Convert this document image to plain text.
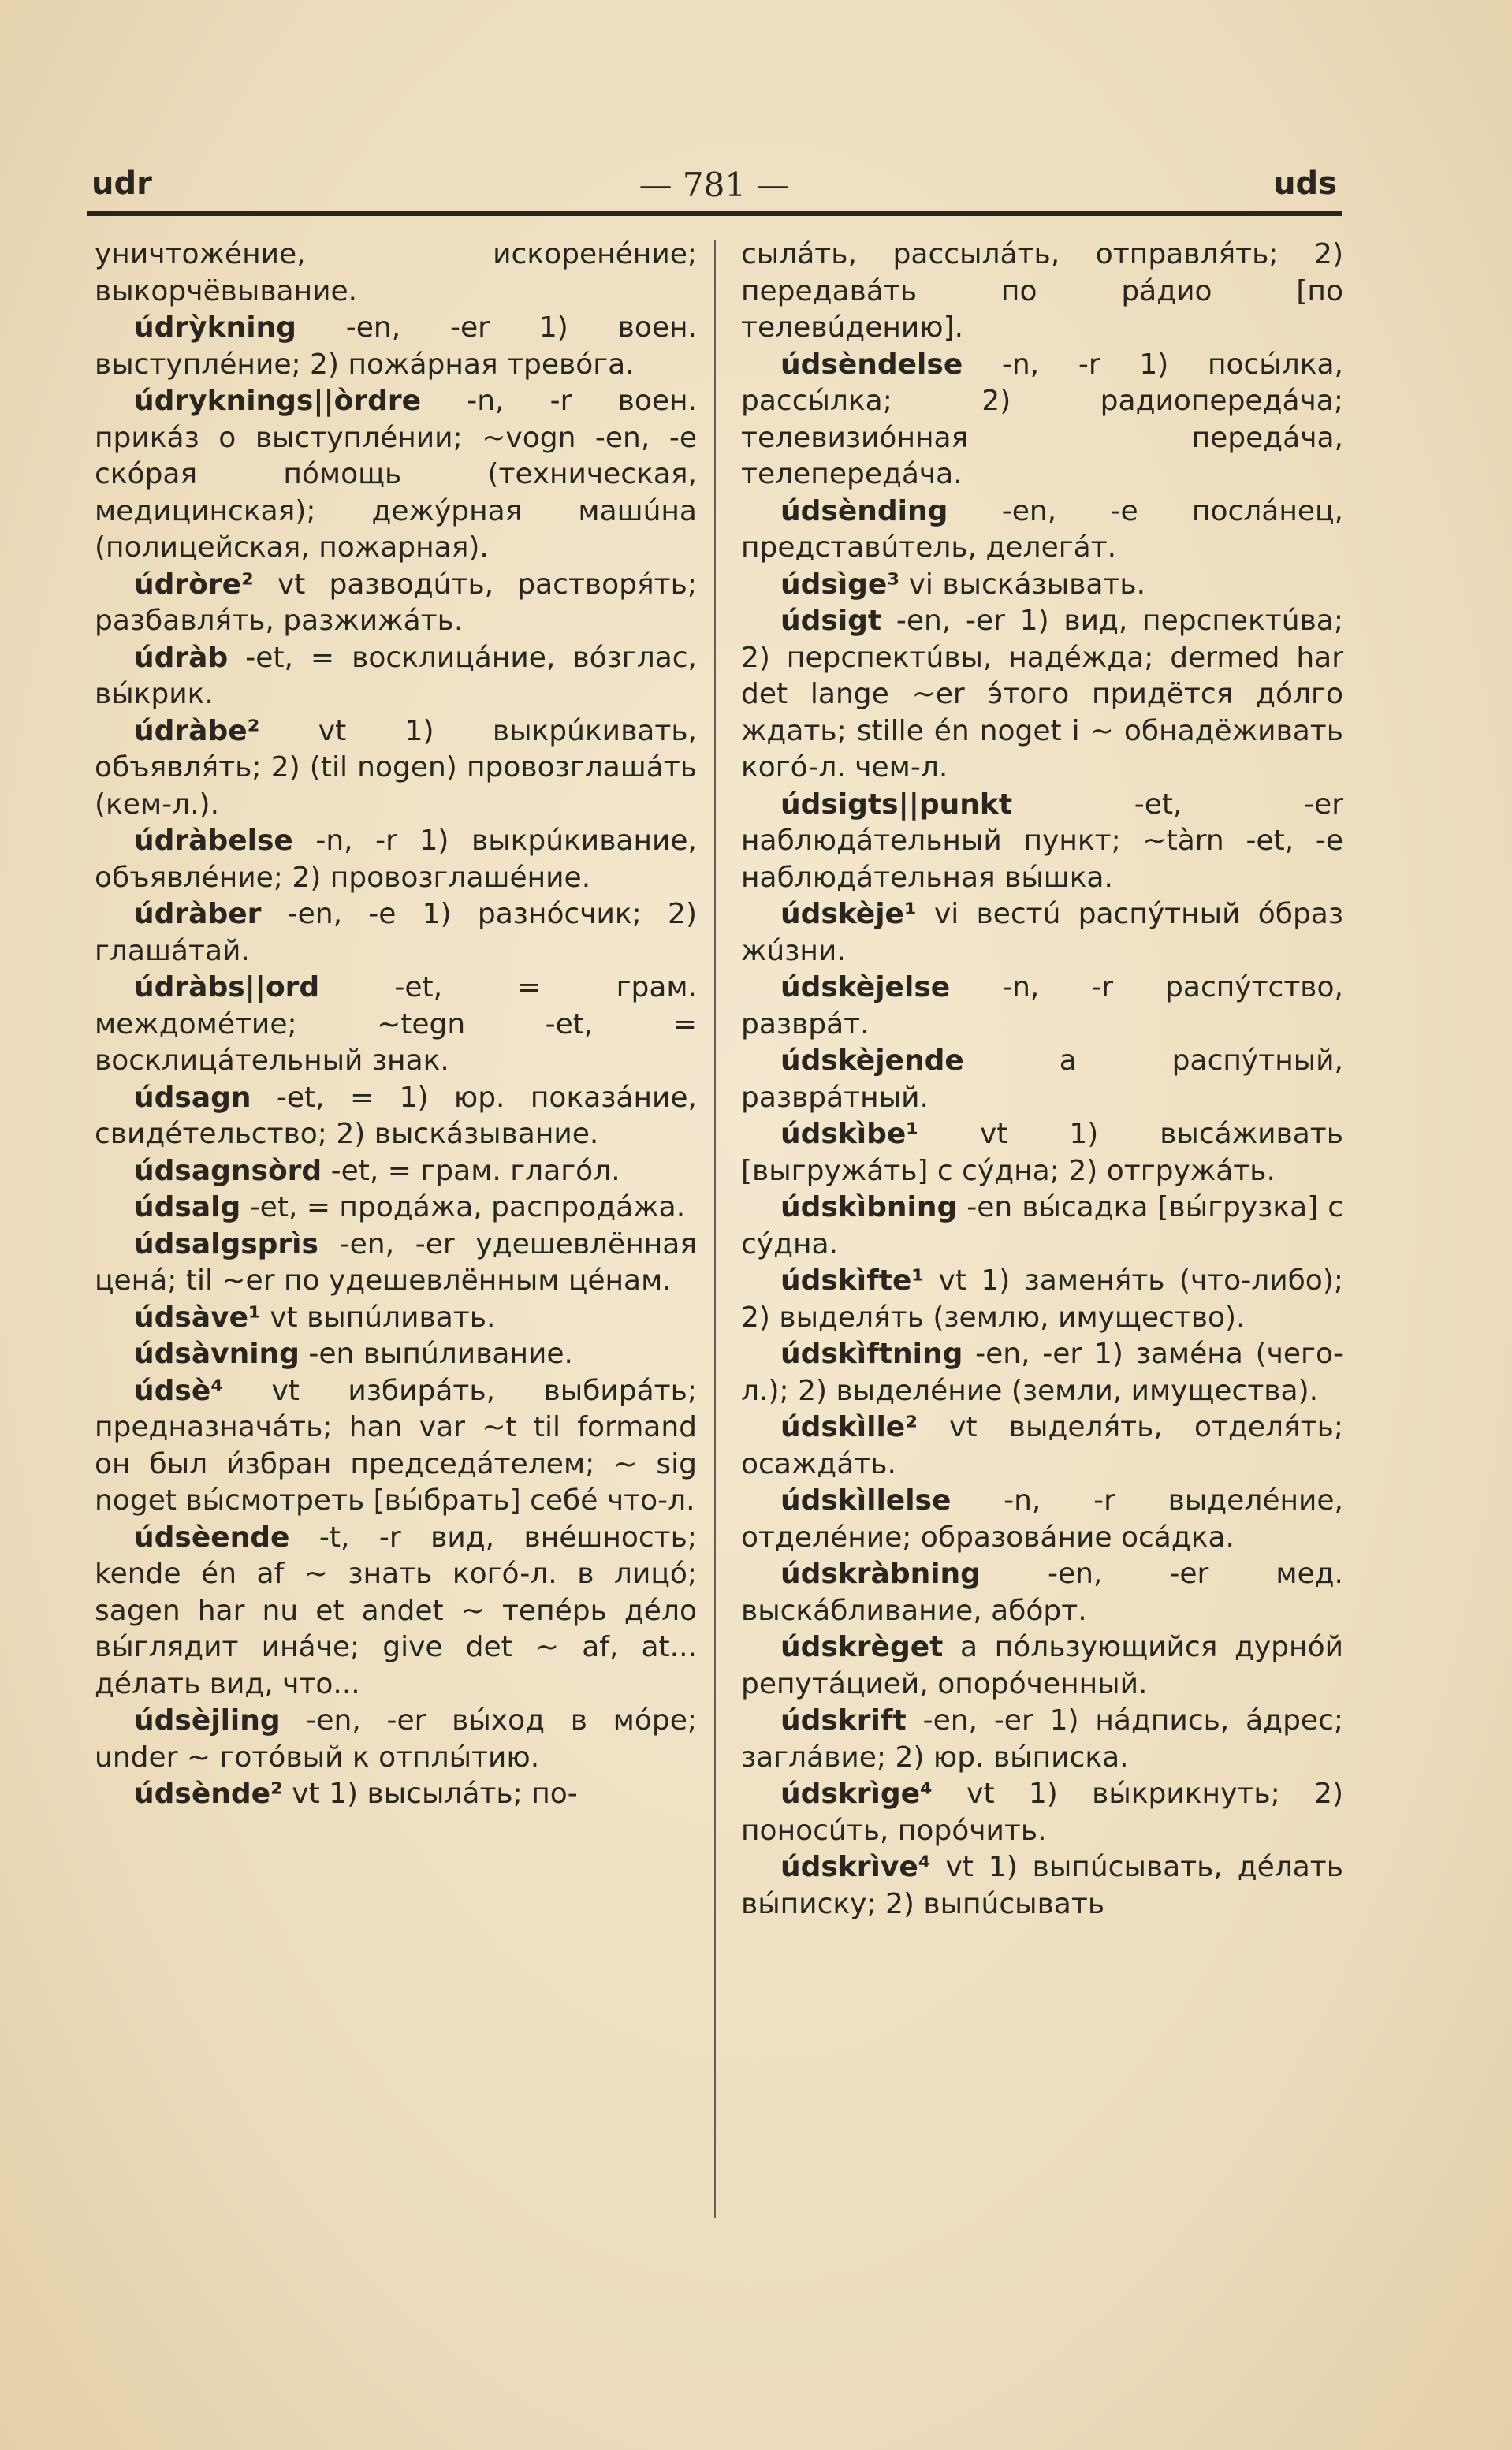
udr	— 781 —	uds

уничтожéние, искоренéние; выкорчёвывание.

údrỳkning -en, -er 1) воен. выступлéние; 2) пожáрная тревóга.

údryknings||òrdre -n, -r воен. прикáз о выступлéнии; ~vogn -en, -e скóрая пóмощь (техническая, медицинская); дежýрная машúна (полицейская, пожарная).

údròre² vt разводúть, растворя́ть; разбавля́ть, разжижáть.

údràb -et, = восклицáние, вóзглас, вы́крик.

údràbe² vt 1) выкрúкивать, объявля́ть; 2) (til nogen) провозглашáть (кем-л.).

údràbelse -n, -r 1) выкрúкивание, объявлéние; 2) провозглашéние.

údràber -en, -e 1) разнóсчик; 2) глашáтай.

údràbs||ord -et, = грам. междомéтие; ~tegn -et, = восклицáтельный знак.

údsagn -et, = 1) юр. показáние, свидéтельство; 2) выскáзывание.

údsagnsòrd -et, = грам. глагóл.

údsalg -et, = продáжа, распродáжа.

údsalgsprìs -en, -er удешевлённая ценá; til ~er по удешевлённым цéнам.

údsàve¹ vt выпúливать.

údsàvning -en выпúливание.

údsè⁴ vt избирáть, выбирáть; предназначáть; han var ~t til formand он был и́збран председáтелем; ~ sig noget вы́смотреть [вы́брать] себé что-л.

údsèende -t, -r вид, внéшность; kende én af ~ знать когó-л. в лицó; sagen har nu et andet ~ тепéрь дéло вы́глядит инáче; give det ~ af, at... дéлать вид, что...

údsèjling -en, -er вы́ход в мóре; under ~ готóвый к отплы́тию.

údsènde² vt 1) высылáть; по-

сылáть, рассылáть, отправля́ть; 2) передавáть по рáдио [по телевúдению].

údsèndelse -n, -r 1) посы́лка, рассы́лка; 2) радиопередáча; телевизиóнная передáча, телепередáча.

údsènding -en, -e послáнец, представúтель, делегáт.

údsìge³ vi выскáзывать.

údsigt -en, -er 1) вид, перспектúва; 2) перспектúвы, надéжда; dermed har det lange ~er э́того придётся дóлго ждать; stille én noget i ~ обнадёживать когó-л. чем-л.

údsigts||punkt -et, -er наблюдáтельный пункт; ~tàrn -et, -e наблюдáтельная вы́шка.

údskèje¹ vi вестú распýтный óбраз жúзни.

údskèjelse -n, -r распýтство, разврáт.

údskèjende a распýтный, разврáтный.

údskìbe¹ vt 1) высáживать [выгружáть] с сýдна; 2) отгружáть.

údskìbning -en вы́садка [вы́грузка] с сýдна.

údskìfte¹ vt 1) заменя́ть (что-либо); 2) выделя́ть (землю, имущество).

údskìftning -en, -er 1) замéна (чего-л.); 2) выделéние (земли, имущества).

údskìlle² vt выделя́ть, отделя́ть; осаждáть.

údskìllelse -n, -r выделéние, отделéние; образовáние осáдка.

údskràbning -en, -er мед. выскáбливание, абóрт.

údskrèget a пóльзующийся дурнóй репутáцией, опорóченный.

údskrift -en, -er 1) нáдпись, áдрес; заглáвие; 2) юр. вы́писка.

údskrìge⁴ vt 1) вы́крикнуть; 2) поносúть, порóчить.

údskrìve⁴ vt 1) выпúсывать, дéлать вы́писку; 2) выпúсывать
